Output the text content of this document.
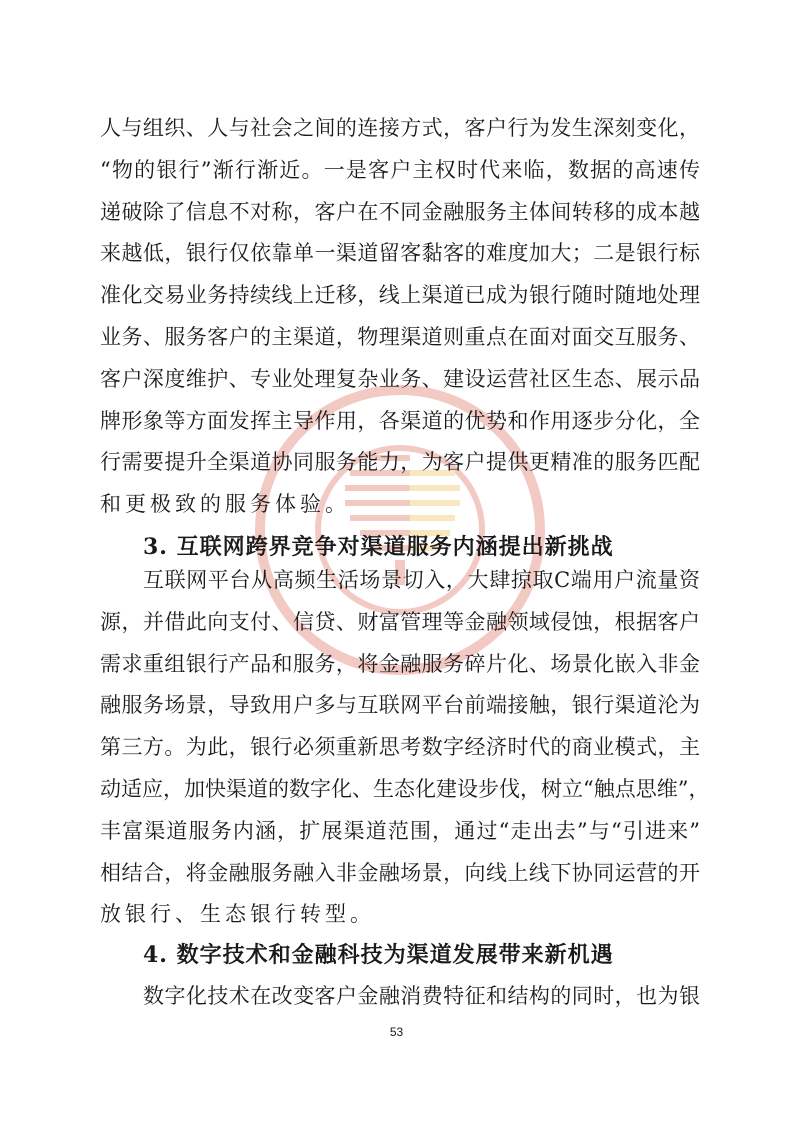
人与组织、人与社会之间的连接方式，客户行为发生深刻变化，
“物的银行”渐行渐近。一是客户主权时代来临，数据的高速传
递破除了信息不对称，客户在不同金融服务主体间转移的成本越
来越低，银行仅依靠单一渠道留客黏客的难度加大；二是银行标
准化交易业务持续线上迁移，线上渠道已成为银行随时随地处理
业务、服务客户的主渠道，物理渠道则重点在面对面交互服务、
客户深度维护、专业处理复杂业务、建设运营社区生态、展示品
牌形象等方面发挥主导作用，各渠道的优势和作用逐步分化，全
行需要提升全渠道协同服务能力，为客户提供更精准的服务匹配
和更极致的服务体验。
互联网平台从高频生活场景切入，大肆掠取C端用户流量资
源，并借此向支付、信贷、财富管理等金融领域侵蚀，根据客户
需求重组银行产品和服务，将金融服务碎片化、场景化嵌入非金
融服务场景，导致用户多与互联网平台前端接触，银行渠道沦为
第三方。为此，银行必须重新思考数字经济时代的商业模式，主
动适应，加快渠道的数字化、生态化建设步伐，树立“触点思维”，
丰富渠道服务内涵，扩展渠道范围，通过“走出去”与“引进来”
相结合，将金融服务融入非金融场景，向线上线下协同运营的开
放银行、生态银行转型。
数字化技术在改变客户金融消费特征和结构的同时，也为银
4. 数字技术和金融科技为渠道发展带来新机遇
3. 互联网跨界竞争对渠道服务内涵提出新挑战
53
